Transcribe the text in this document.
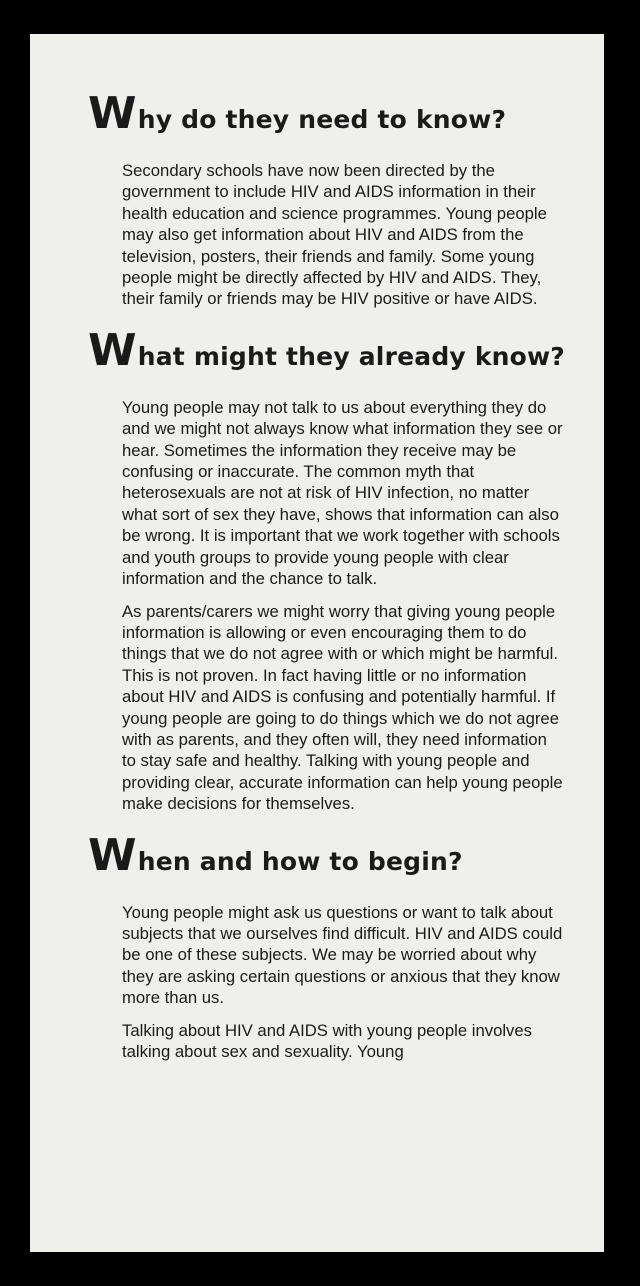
W hy do they need to know?

Secondary schools have now been directed by the government to include HIV and AIDS information in their health education and science programmes. Young people may also get information about HIV and AIDS from the television, posters, their friends and family. Some young people might be directly affected by HIV and AIDS. They, their family or friends may be HIV positive or have AIDS.

W hat might they already know?

Young people may not talk to us about everything they do and we might not always know what information they see or hear. Sometimes the information they receive may be confusing or inaccurate. The common myth that heterosexuals are not at risk of HIV infection, no matter what sort of sex they have, shows that information can also be wrong. It is important that we work together with schools and youth groups to provide young people with clear information and the chance to talk.

As parents/carers we might worry that giving young people information is allowing or even encouraging them to do things that we do not agree with or which might be harmful. This is not proven. In fact having little or no information about HIV and AIDS is confusing and potentially harmful. If young people are going to do things which we do not agree with as parents, and they often will, they need information to stay safe and healthy. Talking with young people and providing clear, accurate information can help young people make decisions for themselves.

W hen and how to begin?

Young people might ask us questions or want to talk about subjects that we ourselves find difficult. HIV and AIDS could be one of these subjects. We may be worried about why they are asking certain questions or anxious that they know more than us.

Talking about HIV and AIDS with young people involves talking about sex and sexuality. Young
